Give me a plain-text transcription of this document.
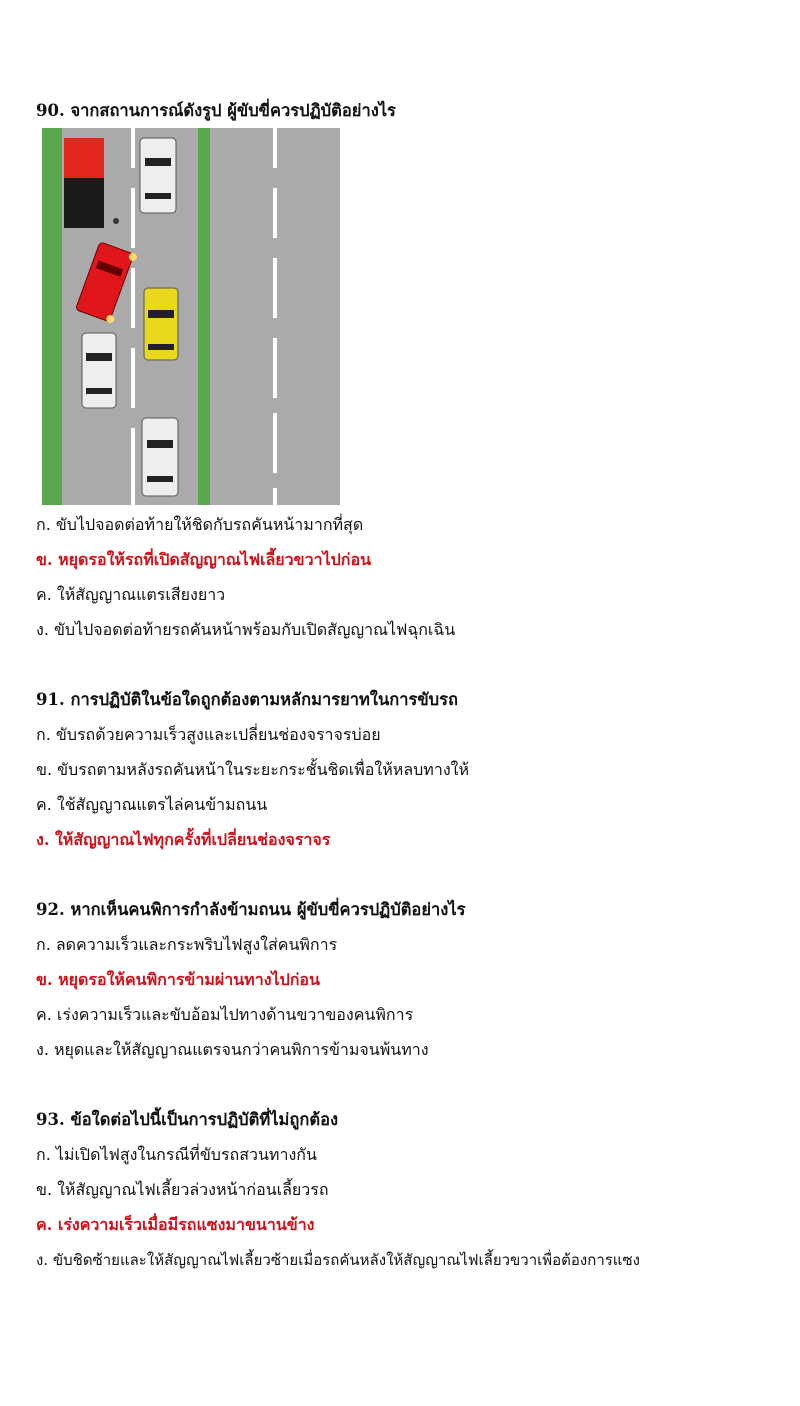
90. จากสถานการณ์ดังรูป ผู้ขับขี่ควรปฏิบัติอย่างไร
ก. ขับไปจอดต่อท้ายให้ชิดกับรถคันหน้ามากที่สุด
ข. หยุดรอให้รถที่เปิดสัญญาณไฟเลี้ยวขวาไปก่อน
ค. ให้สัญญาณแตรเสียงยาว
ง. ขับไปจอดต่อท้ายรถคันหน้าพร้อมกับเปิดสัญญาณไฟฉุกเฉิน
91. การปฏิบัติในข้อใดถูกต้องตามหลักมารยาทในการขับรถ
ก. ขับรถด้วยความเร็วสูงและเปลี่ยนช่องจราจรบ่อย
ข. ขับรถตามหลังรถคันหน้าในระยะกระชั้นชิดเพื่อให้หลบทางให้
ค. ใช้สัญญาณแตรไล่คนข้ามถนน
ง. ให้สัญญาณไฟทุกครั้งที่เปลี่ยนช่องจราจร
92. หากเห็นคนพิการกำลังข้ามถนน ผู้ขับขี่ควรปฏิบัติอย่างไร
ก. ลดความเร็วและกระพริบไฟสูงใส่คนพิการ
ข. หยุดรอให้คนพิการข้ามผ่านทางไปก่อน
ค. เร่งความเร็วและขับอ้อมไปทางด้านขวาของคนพิการ
ง. หยุดและให้สัญญาณแตรจนกว่าคนพิการข้ามจนพ้นทาง
93. ข้อใดต่อไปนี้เป็นการปฏิบัติที่ไม่ถูกต้อง
ก. ไม่เปิดไฟสูงในกรณีที่ขับรถสวนทางกัน
ข. ให้สัญญาณไฟเลี้ยวล่วงหน้าก่อนเลี้ยวรถ
ค. เร่งความเร็วเมื่อมีรถแซงมาขนานข้าง
ง. ขับชิดซ้ายและให้สัญญาณไฟเลี้ยวซ้ายเมื่อรถคันหลังให้สัญญาณไฟเลี้ยวขวาเพื่อต้องการแซง
